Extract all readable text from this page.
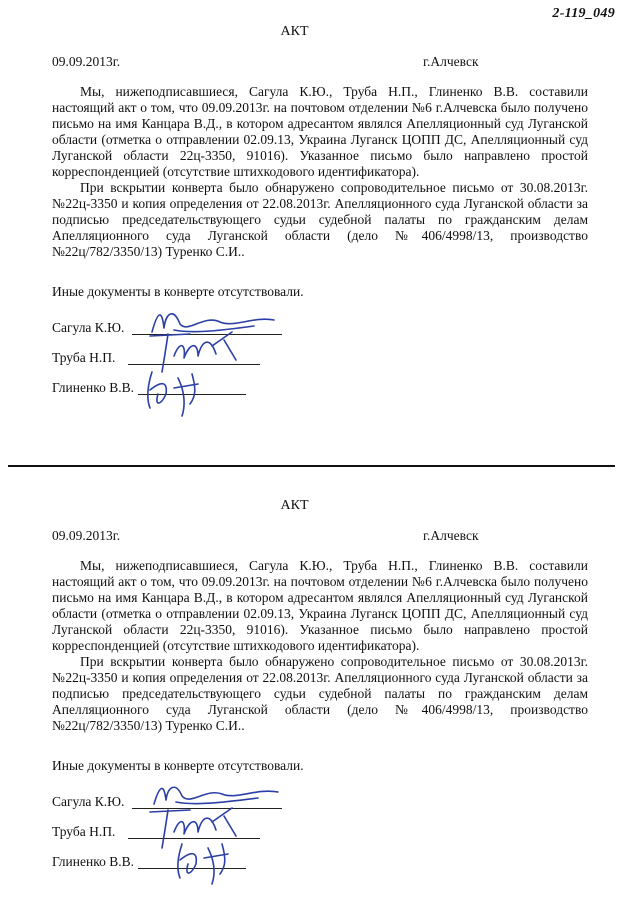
2-119_049
АКТ
09.09.2013г.	г.Алчевск

Мы, нижеподписавшиеся, Сагула К.Ю., Труба Н.П., Глиненко В.В. составили настоящий акт о том, что 09.09.2013г. на почтовом отделении №6 г.Алчевска было получено письмо на имя Канцара В.Д., в котором адресантом являлся Апелляционный суд Луганской области (отметка о отправлении 02.09.13, Украина Луганск ЦОПП ДС, Апелляционный суд Луганской области 22ц-3350, 91016). Указанное письмо было направлено простой корреспонденцией (отсутствие штихкодового идентификатора).

При вскрытии конверта было обнаружено сопроводительное письмо от 30.08.2013г. №22ц-3350 и копия определения от 22.08.2013г. Апелляционного суда Луганской области за подписью председательствующего судьи судебной палаты по гражданским делам Апелляционного суда Луганской области (дело №406/4998/13, производство №22ц/782/3350/13) Туренко С.И..

Иные документы в конверте отсутствовали.
Сагула К.Ю.
Труба Н.П.
Глиненко В.В.
АКТ
09.09.2013г.	г.Алчевск

Мы, нижеподписавшиеся, Сагула К.Ю., Труба Н.П., Глиненко В.В. составили настоящий акт о том, что 09.09.2013г. на почтовом отделении №6 г.Алчевска было получено письмо на имя Канцара В.Д., в котором адресантом являлся Апелляционный суд Луганской области (отметка о отправлении 02.09.13, Украина Луганск ЦОПП ДС, Апелляционный суд Луганской области 22ц-3350, 91016). Указанное письмо было направлено простой корреспонденцией (отсутствие штихкодового идентификатора).

При вскрытии конверта было обнаружено сопроводительное письмо от 30.08.2013г. №22ц-3350 и копия определения от 22.08.2013г. Апелляционного суда Луганской области за подписью председательствующего судьи судебной палаты по гражданским делам Апелляционного суда Луганской области (дело №406/4998/13, производство №22ц/782/3350/13) Туренко С.И..

Иные документы в конверте отсутствовали.
Сагула К.Ю.
Труба Н.П.
Глиненко В.В.
